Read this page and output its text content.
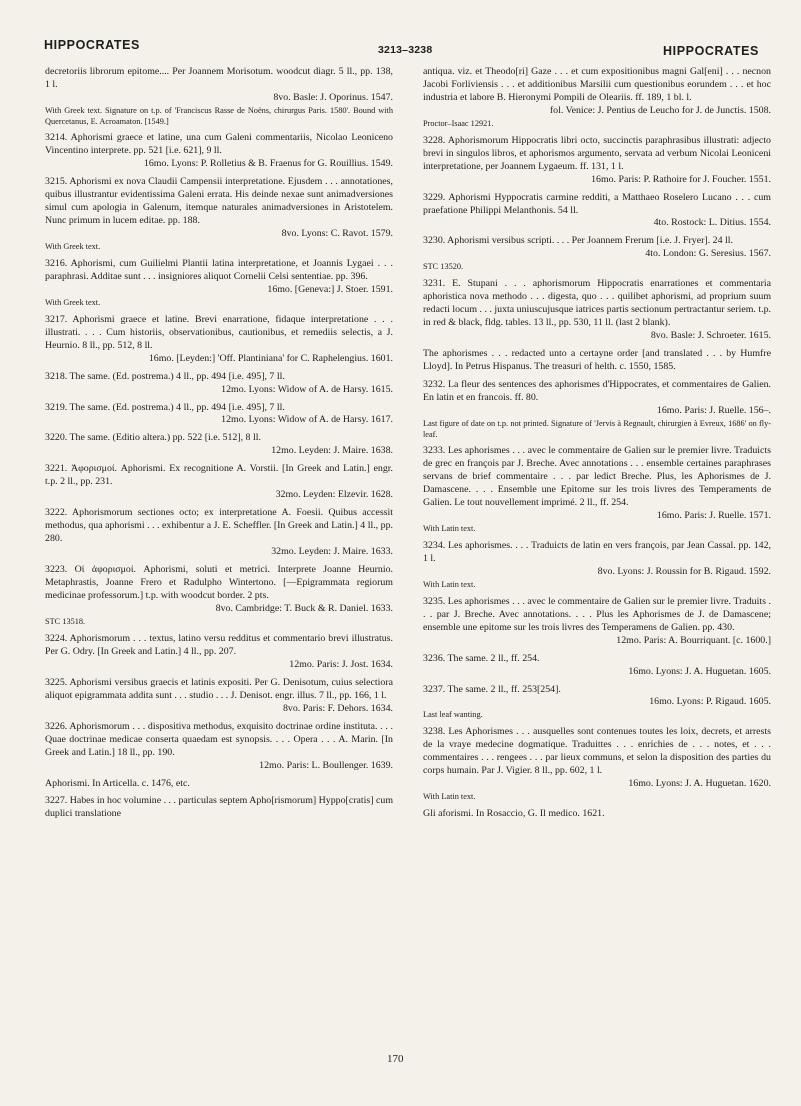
HIPPOCRATES	3213–3238	HIPPOCRATES

decretoriis librorum epitome.... Per Joannem Morisotum. woodcut diagr. 5 ll., pp. 138, 1 l.

8vo. Basle: J. Oporinus. 1547.

With Greek text. Signature on t.p. of 'Franciscus Rasse de Noëns, chirurgus Paris. 1580'. Bound with Quercetanus, E. Acroamaton. [1549.]

3214. Aphorismi graece et latine, una cum Galeni commentariis, Nicolao Leoniceno Vincentino interprete. pp. 521 [i.e. 621], 9 ll.

16mo. Lyons: P. Rolletius & B. Fraenus for G. Rouillius. 1549.

3215. Aphorismi ex nova Claudii Campensii interpretatione. Ejusdem . . . annotationes, quibus illustrantur evidentissima Galeni errata. His deinde nexae sunt animadversiones simul cum apologia in Galenum, itemque naturales animadversiones in Aristotelem. Nunc primum in lucem editae. pp. 188.

8vo. Lyons: C. Ravot. 1579.

With Greek text.

3216. Aphorismi, cum Guilielmi Plantii latina interpretatione, et Joannis Lygaei . . . paraphrasi. Additae sunt . . . insigniores aliquot Cornelii Celsi sententiae. pp. 396.

16mo. [Geneva:] J. Stoer. 1591.

With Greek text.

3217. Aphorismi graece et latine. Brevi enarratione, fidaque interpretatione . . . illustrati. . . . Cum historiis, observationibus, cautionibus, et remediis selectis, a J. Heurnio. 8 ll., pp. 512, 8 ll.

16mo. [Leyden:] 'Off. Plantiniana' for C. Raphelengius. 1601.

3218. The same. (Ed. postrema.) 4 ll., pp. 494 [i.e. 495], 7 ll.

12mo. Lyons: Widow of A. de Harsy. 1615.

3219. The same. (Ed. postrema.) 4 ll., pp. 494 [i.e. 495], 7 ll.

12mo. Lyons: Widow of A. de Harsy. 1617.

3220. The same. (Editio altera.) pp. 522 [i.e. 512], 8 ll.

12mo. Leyden: J. Maire. 1638.

3221. Ἀφορισμοί. Aphorismi. Ex recognitione A. Vorstii. [In Greek and Latin.] engr. t.p. 2 ll., pp. 231.

32mo. Leyden: Elzevir. 1628.

3222. Aphorismorum sectiones octo; ex interpretatione A. Foesii. Quibus accessit methodus, qua aphorismi . . . exhibentur a J. E. Scheffler. [In Greek and Latin.] 4 ll., pp. 280.

32mo. Leyden: J. Maire. 1633.

3223. Οἱ ἀφορισμοί. Aphorismi, soluti et metrici. Interprete Joanne Heurnio. Metaphrastis, Joanne Frero et Radulpho Wintertono. [—Epigrammata regiorum medicinae professorum.] t.p. with woodcut border. 2 pts.

8vo. Cambridge: T. Buck & R. Daniel. 1633.

STC 13518.

3224. Aphorismorum . . . textus, latino versu redditus et commentario brevi illustratus. Per G. Odry. [In Greek and Latin.] 4 ll., pp. 207.

12mo. Paris: J. Jost. 1634.

3225. Aphorismi versibus graecis et latinis expositi. Per G. Denisotum, cuius selectiora aliquot epigrammata addita sunt . . . studio . . . J. Denisot. engr. illus. 7 ll., pp. 166, 1 l.

8vo. Paris: F. Dehors. 1634.

3226. Aphorismorum . . . dispositiva methodus, exquisito doctrinae ordine instituta. . . . Quae doctrinae medicae conserta quaedam est synopsis. . . . Opera . . . A. Marin. [In Greek and Latin.] 18 ll., pp. 190.

12mo. Paris: L. Boullenger. 1639.

Aphorismi. In Articella. c. 1476, etc.

3227. Habes in hoc volumine . . . particulas septem Apho[rismorum] Hyppo[cratis] cum duplici translatione

antiqua. viz. et Theodo[ri] Gaze . . . et cum expositionibus magni Gal[eni] . . . necnon Jacobi Forliviensis . . . et additionibus Marsilii cum questionibus eorundem . . . et hoc industria et labore B. Hieronymi Pompili de Oleariis. ff. 189, 1 bl. l.

fol. Venice: J. Pentius de Leucho for J. de Junctis. 1508.

Proctor–Isaac 12921.

3228. Aphorismorum Hippocratis libri octo, succinctis paraphrasibus illustrati: adjecto brevi in singulos libros, et aphorismos argumento, servata ad verbum Nicolai Leoniceni interpretatione, per Joannem Lygaeum. ff. 131, 1 l.

16mo. Paris: P. Rathoire for J. Foucher. 1551.

3229. Aphorismi Hyppocratis carmine redditi, a Matthaeo Roselero Lucano . . . cum praefatione Philippi Melanthonis. 54 ll.

4to. Rostock: L. Ditius. 1554.

3230. Aphorismi versibus scripti. . . . Per Joannem Frerum [i.e. J. Fryer]. 24 ll.

4to. London: G. Seresius. 1567.

STC 13520.

3231. E. Stupani . . . aphorismorum Hippocratis enarrationes et commentaria aphoristica nova methodo . . . digesta, quo . . . quilibet aphorismi, ad proprium suum redacti locum . . . juxta uniuscujusque iatrices partis sectionum pertractantur seriem. t.p. in red & black, fldg. tables. 13 ll., pp. 530, 11 ll. (last 2 blank).

8vo. Basle: J. Schroeter. 1615.

The aphorismes . . . redacted unto a certayne order [and translated . . . by Humfre Lloyd]. In Petrus Hispanus. The treasuri of helth. c. 1550, 1585.

3232. La fleur des sentences des aphorismes d'Hippocrates, et commentaires de Galien. En latin et en francois. ff. 80.

16mo. Paris: J. Ruelle. 156–.

Last figure of date on t.p. not printed. Signature of 'Jervis à Regnault, chirurgien à Evreux, 1686' on fly-leaf.

3233. Les aphorismes . . . avec le commentaire de Galien sur le premier livre. Traduicts de grec en françois par J. Breche. Avec annotations . . . ensemble certaines paraphrases servans de brief commentaire . . . par ledict Breche. Plus, les Aphorismes de J. Damascene. . . . Ensemble une Epitome sur les trois livres des Temperaments de Galien. Le tout nouvellement imprimé. 2 ll., ff. 254.

16mo. Paris: J. Ruelle. 1571.

With Latin text.

3234. Les aphorismes. . . . Traduicts de latin en vers françois, par Jean Cassal. pp. 142, 1 l.

8vo. Lyons: J. Roussin for B. Rigaud. 1592.

With Latin text.

3235. Les aphorismes . . . avec le commentaire de Galien sur le premier livre. Traduits . . . par J. Breche. Avec annotations. . . . Plus les Aphorismes de J. de Damascene; ensemble une epitome sur les trois livres des Temperamens de Galien. pp. 430.

12mo. Paris: A. Bourriquant. [c. 1600.]

3236. The same. 2 ll., ff. 254.

16mo. Lyons: J. A. Huguetan. 1605.

3237. The same. 2 ll., ff. 253[254].

16mo. Lyons: P. Rigaud. 1605.

Last leaf wanting.

3238. Les Aphorismes . . . ausquelles sont contenues toutes les loix, decrets, et arrests de la vraye medecine dogmatique. Traduittes . . . enrichies de . . . notes, et . . . commentaires . . . rengees . . . par lieux communs, et selon la disposition des parties du corps humain. Par J. Vigier. 8 ll., pp. 602, 1 l.

16mo. Lyons: J. A. Huguetan. 1620.

With Latin text.

Gli aforismi. In Rosaccio, G. Il medico. 1621.

170
